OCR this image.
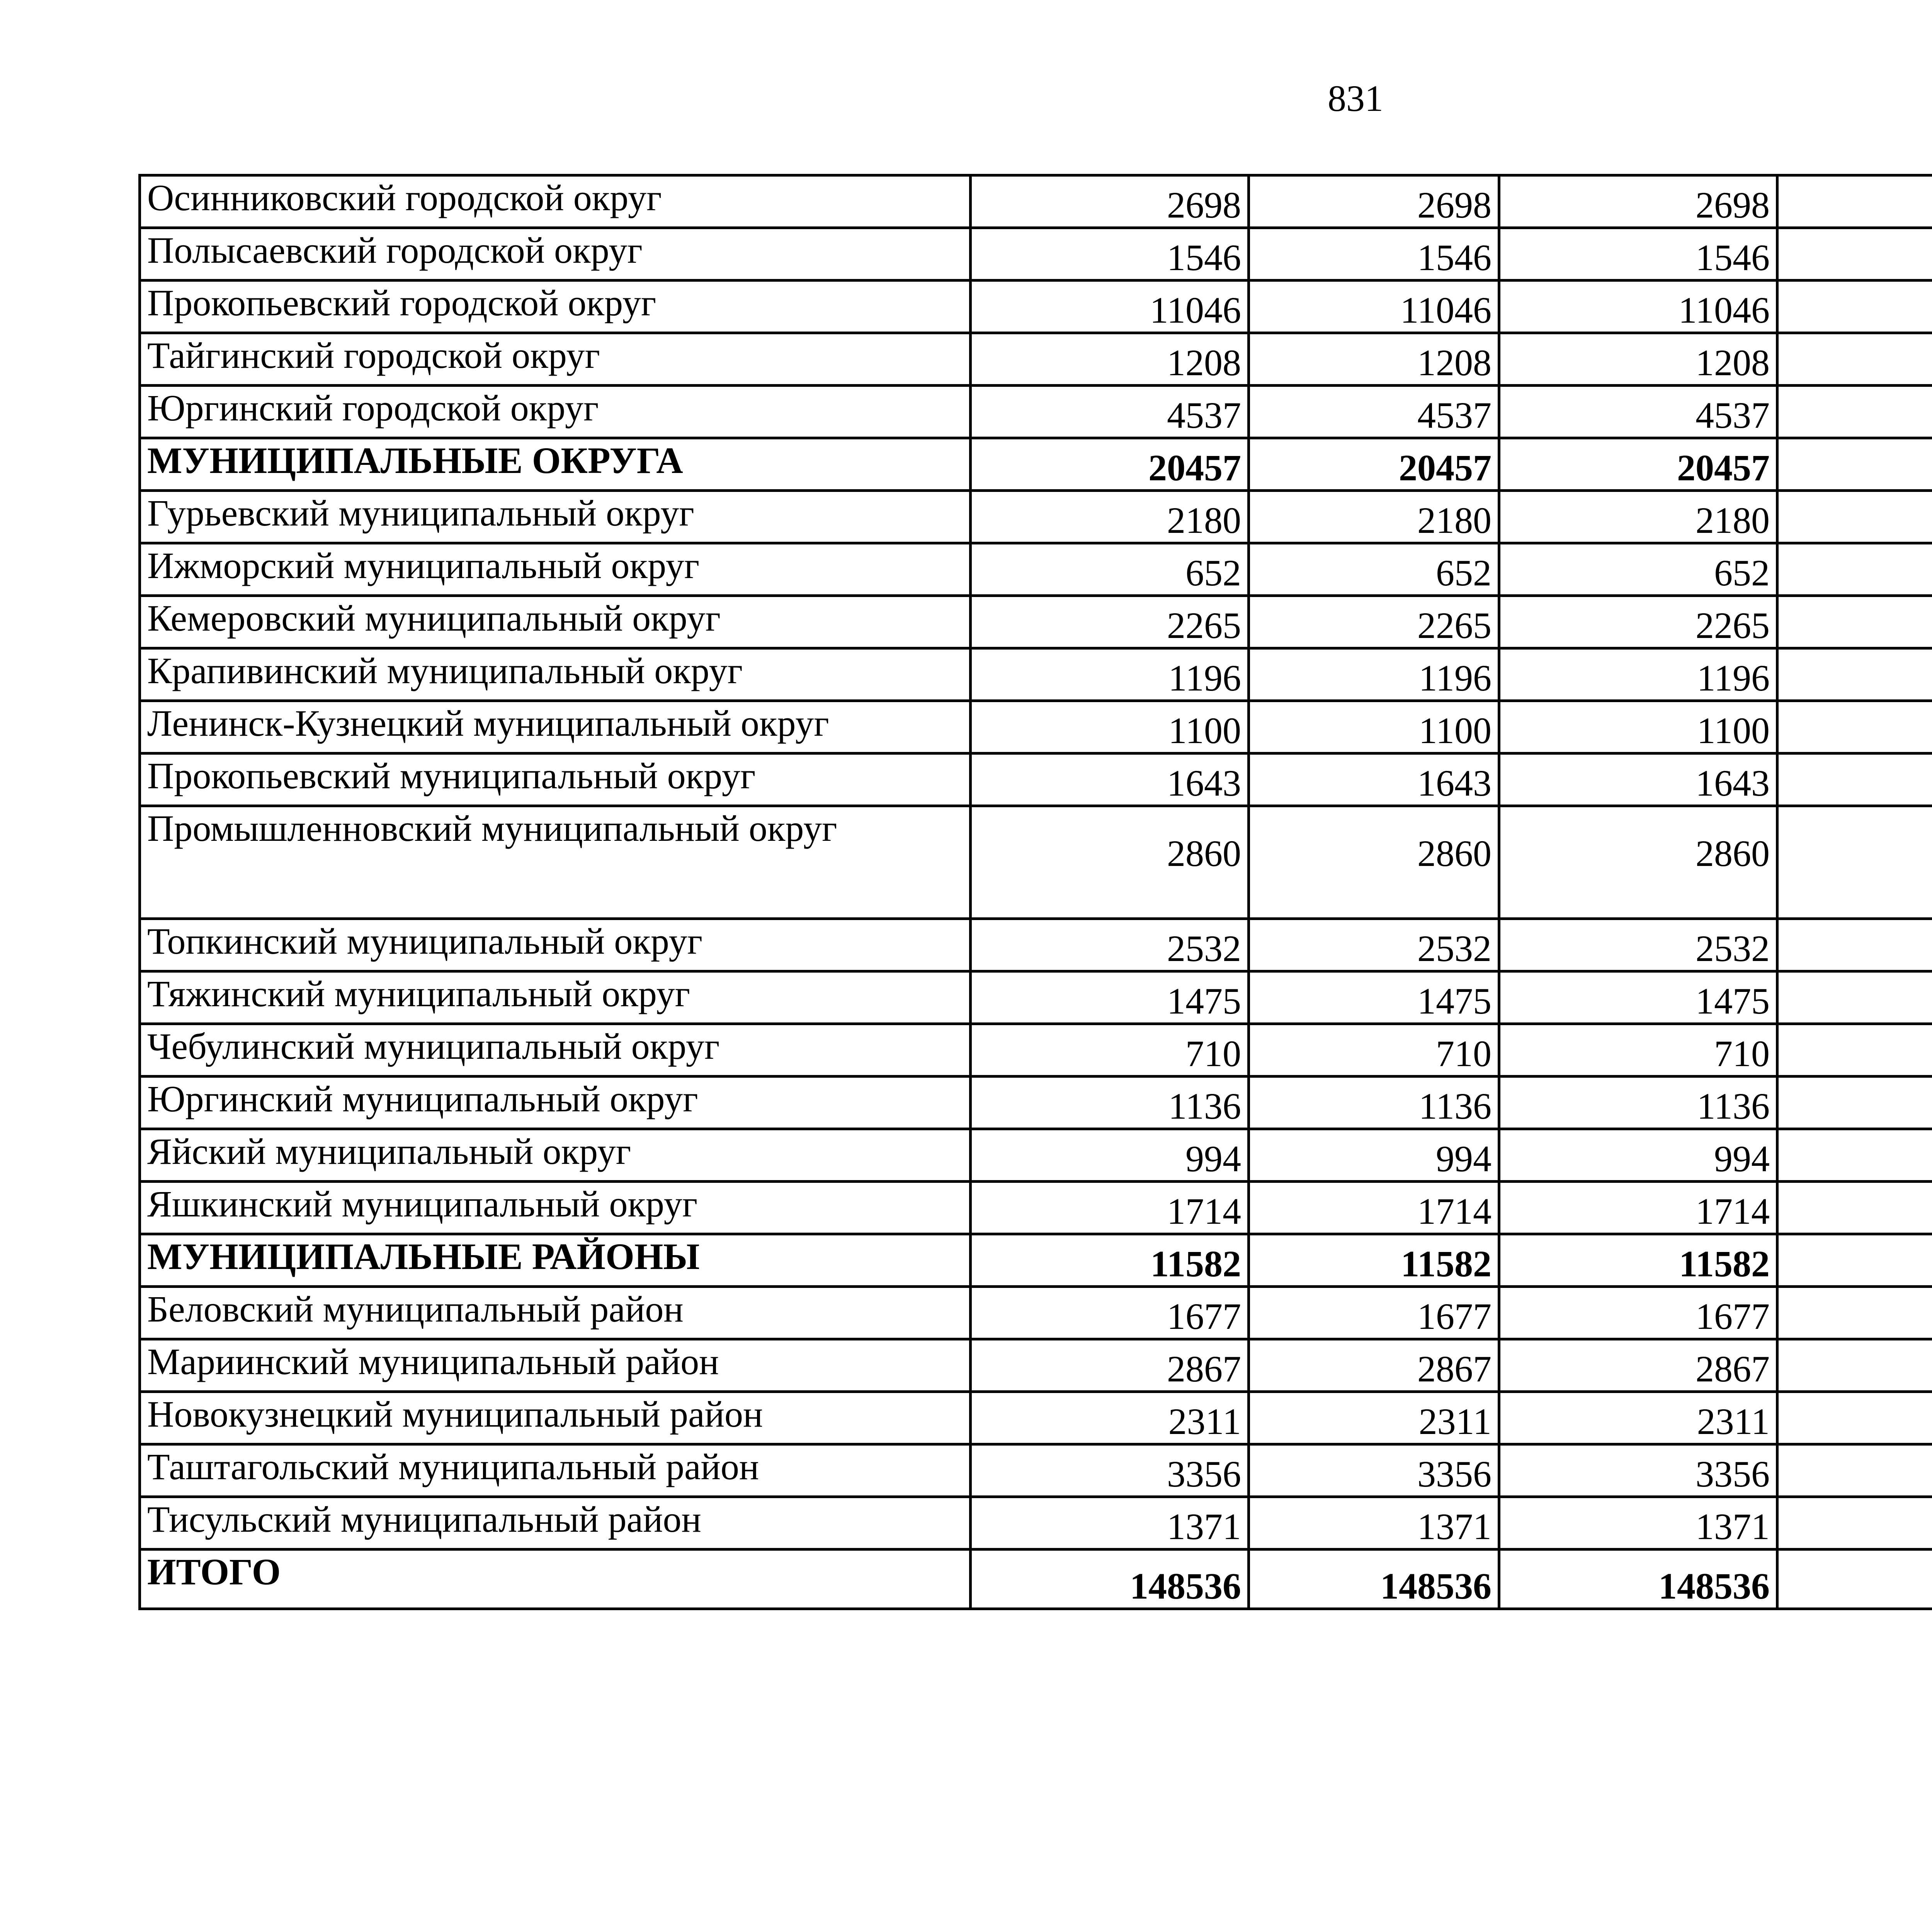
831
Осинниковский городской округ	2698	2698	2698			
Полысаевский городской округ	1546	1546	1546			
Прокопьевский городской округ	11046	11046	11046			
Тайгинский городской округ	1208	1208	1208			
Юргинский городской округ	4537	4537	4537			
МУНИЦИПАЛЬНЫЕ ОКРУГА	20457	20457	20457			
Гурьевский муниципальный округ	2180	2180	2180			
Ижморский муниципальный округ	652	652	652			
Кемеровский муниципальный округ	2265	2265	2265			
Крапивинский муниципальный округ	1196	1196	1196			
Ленинск-Кузнецкий муниципальный округ	1100	1100	1100			
Прокопьевский муниципальный округ	1643	1643	1643			
Промышленновский муниципальный округ	2860	2860	2860			
Топкинский муниципальный округ	2532	2532	2532			
Тяжинский муниципальный округ	1475	1475	1475			
Чебулинский муниципальный округ	710	710	710			
Юргинский муниципальный округ	1136	1136	1136			
Яйский муниципальный округ	994	994	994			
Яшкинский муниципальный округ	1714	1714	1714			
МУНИЦИПАЛЬНЫЕ РАЙОНЫ	11582	11582	11582			
Беловский муниципальный район	1677	1677	1677			
Мариинский муниципальный район	2867	2867	2867			
Новокузнецкий муниципальный район	2311	2311	2311			
Таштагольский муниципальный район	3356	3356	3356			
Тисульский муниципальный район	1371	1371	1371			
ИТОГО	148536	148536	148536			
